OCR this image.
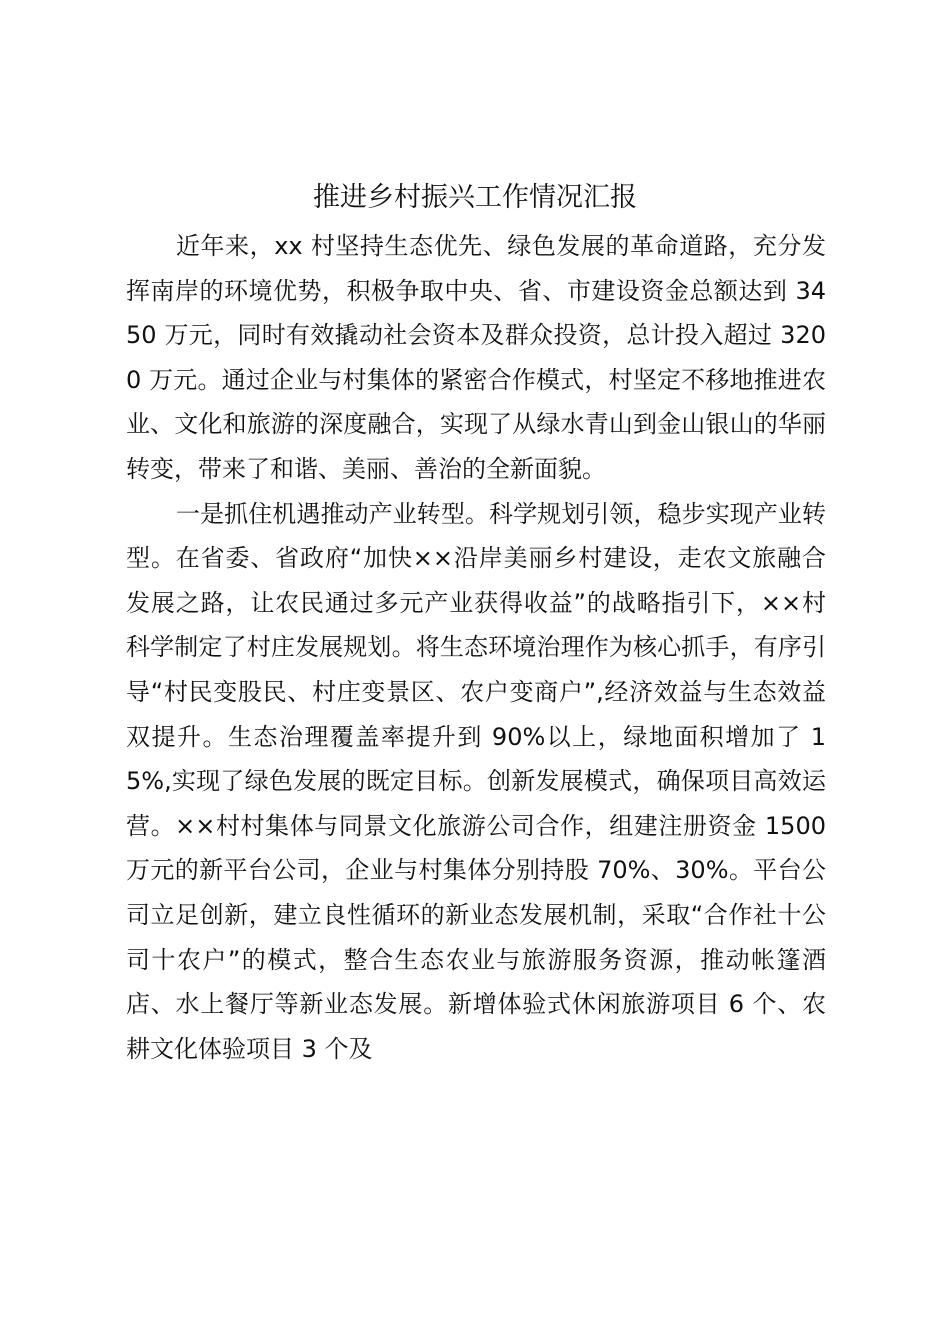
推进乡村振兴工作情况汇报

近年来，xx 村坚持生态优先、绿色发展的革命道路，充分发挥南岸的环境优势，积极争取中央、省、市建设资金总额达到 3450 万元，同时有效撬动社会资本及群众投资，总计投入超过 3200 万元。通过企业与村集体的紧密合作模式，村坚定不移地推进农业、文化和旅游的深度融合，实现了从绿水青山到金山银山的华丽转变，带来了和谐、美丽、善治的全新面貌。

一是抓住机遇推动产业转型。科学规划引领，稳步实现产业转型。在省委、省政府“加快××沿岸美丽乡村建设，走农文旅融合发展之路，让农民通过多元产业获得收益”的战略指引下，××村科学制定了村庄发展规划。将生态环境治理作为核心抓手，有序引导“村民变股民、村庄变景区、农户变商户”,经济效益与生态效益双提升。生态治理覆盖率提升到 90%以上，绿地面积增加了 15%,实现了绿色发展的既定目标。创新发展模式，确保项目高效运营。××村村集体与同景文化旅游公司合作，组建注册资金 1500 万元的新平台公司，企业与村集体分别持股 70%、30%。平台公司立足创新，建立良性循环的新业态发展机制，采取“合作社十公司十农户”的模式，整合生态农业与旅游服务资源，推动帐篷酒店、水上餐厅等新业态发展。新增体验式休闲旅游项目 6 个、农耕文化体验项目 3 个及
